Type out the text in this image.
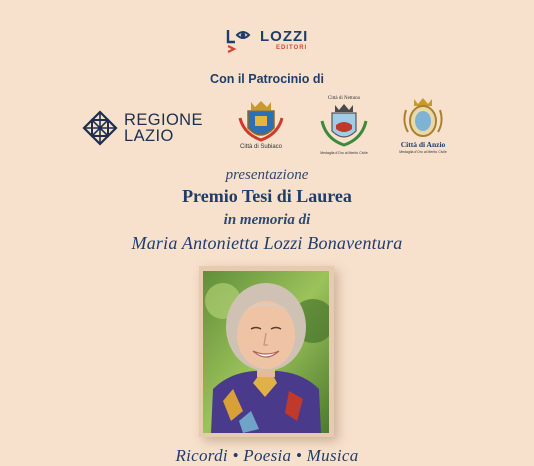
LOZZI
EDITORI
Con il Patrocinio di
REGIONE
LAZIO
Città di Subiaco
Città di Nettuno
Medaglia d'Oro al Merito Civile
Città di Anzio
Medaglia d'Oro al Merito Civile
presentazione
Premio Tesi di Laurea
in memoria di
Maria Antonietta Lozzi Bonaventura
Ricordi • Poesia • Musica
